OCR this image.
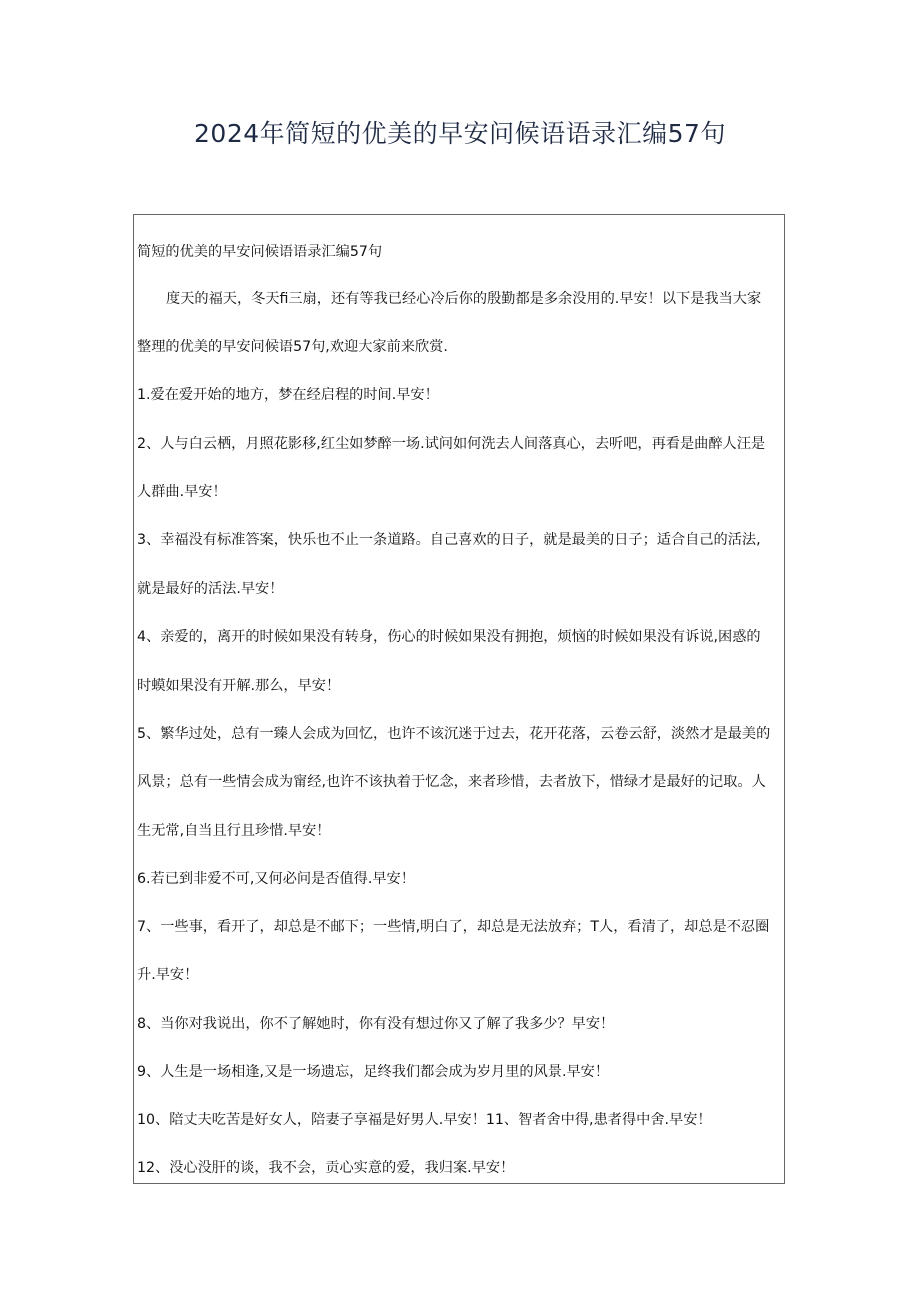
2024年简短的优美的早安问候语语录汇编57句
简短的优美的早安问候语语录汇编57句
度天的福天，冬天fi三扇，还有等我已经心冷后你的殷勤都是多余没用的.早安！以下是我当大家
整理的优美的早安问候语57句,欢迎大家前来欣赏.
1.爱在爱开始的地方，梦在经启程的时间.早安！
2、人与白云栖，月照花影移,红尘如梦醉一场.试问如何洗去人间落真心，去听吧，再看是曲醉人汪是
人群曲.早安！
3、幸福没有标准答案，快乐也不止一条道路。自己喜欢的日子，就是最美的日子；适合自己的活法,
就是最好的活法.早安！
4、亲爱的，离开的时候如果没有转身，伤心的时候如果没有拥抱，烦恼的时候如果没有诉说,困惑的
时蟆如果没有开解.那么，早安！
5、繁华过处，总有一臻人会成为回忆，也许不该沉迷于过去，花开花落，云卷云舒，淡然才是最美的
风景；总有一些情会成为甯经,也许不该执着于忆念，来者珍惜，去者放下，惜绿才是最好的记取。人
生无常,自当且行且珍惜.早安！
6.若已到非爱不可,又何必问是否值得.早安！
7、一些事，看开了，却总是不邮下；一些情,明白了，却总是无法放弃；T人，看清了，却总是不忍圈
升.早安！
8、当你对我说出，你不了解她时，你有没有想过你又了解了我多少？早安！
9、人生是一场相逢,又是一场遗忘，足终我们都会成为岁月里的风景.早安！
10、陪丈夫吃苦是好女人，陪妻子享福是好男人.早安！11、智者舍中得,患者得中舍.早安！
12、没心没肝的谈，我不会，贡心实意的爱，我归案.早安！
